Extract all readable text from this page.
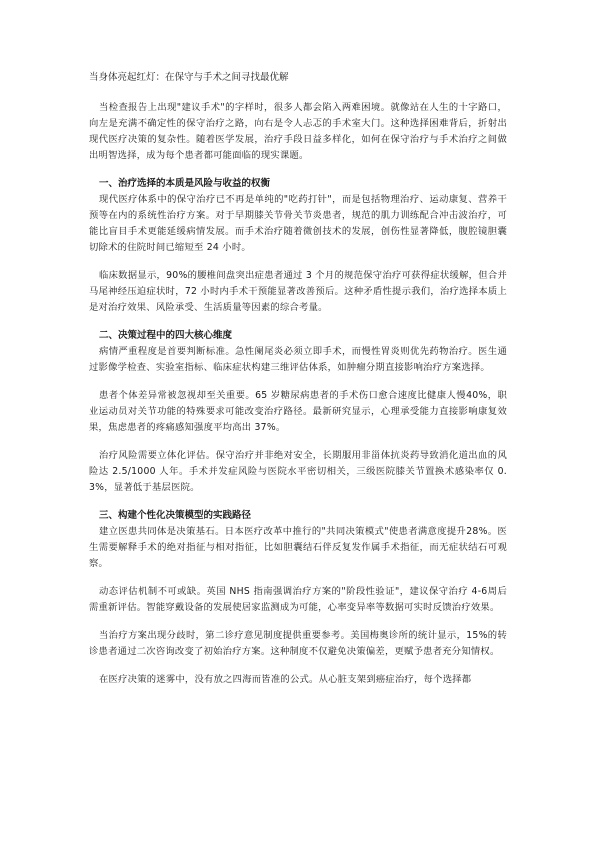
当身体亮起红灯：在保守与手术之间寻找最优解

当检查报告上出现"建议手术"的字样时，很多人都会陷入两难困境。就像站在人生的十字路口，向左是充满不确定性的保守治疗之路，向右是令人忐忑的手术室大门。这种选择困难背后，折射出现代医疗决策的复杂性。随着医学发展，治疗手段日益多样化，如何在保守治疗与手术治疗之间做出明智选择，成为每个患者都可能面临的现实课题。

一、治疗选择的本质是风险与收益的权衡

现代医疗体系中的保守治疗已不再是单纯的"吃药打针"，而是包括物理治疗、运动康复、营养干预等在内的系统性治疗方案。对于早期膝关节骨关节炎患者，规范的肌力训练配合冲击波治疗，可能比盲目手术更能延缓病情发展。而手术治疗随着微创技术的发展，创伤性显著降低，腹腔镜胆囊切除术的住院时间已缩短至 24 小时。

临床数据显示，90%的腰椎间盘突出症患者通过 3 个月的规范保守治疗可获得症状缓解，但合并马尾神经压迫症状时，72 小时内手术干预能显著改善预后。这种矛盾性提示我们，治疗选择本质上是对治疗效果、风险承受、生活质量等因素的综合考量。

二、决策过程中的四大核心维度

病情严重程度是首要判断标准。急性阑尾炎必须立即手术，而慢性胃炎则优先药物治疗。医生通过影像学检查、实验室指标、临床症状构建三维评估体系，如肿瘤分期直接影响治疗方案选择。

患者个体差异常被忽视却至关重要。65 岁糖尿病患者的手术伤口愈合速度比健康人慢40%，职业运动员对关节功能的特殊要求可能改变治疗路径。最新研究显示，心理承受能力直接影响康复效果，焦虑患者的疼痛感知强度平均高出 37%。

治疗风险需要立体化评估。保守治疗并非绝对安全，长期服用非甾体抗炎药导致消化道出血的风险达 2.5/1000 人年。手术并发症风险与医院水平密切相关，三级医院膝关节置换术感染率仅 0.3%，显著低于基层医院。

三、构建个性化决策模型的实践路径

建立医患共同体是决策基石。日本医疗改革中推行的"共同决策模式"使患者满意度提升28%。医生需要解释手术的绝对指征与相对指征，比如胆囊结石伴反复发作属手术指征，而无症状结石可观察。

动态评估机制不可或缺。英国 NHS 指南强调治疗方案的"阶段性验证"，建议保守治疗 4-6周后需重新评估。智能穿戴设备的发展使居家监测成为可能，心率变异率等数据可实时反馈治疗效果。

当治疗方案出现分歧时，第二诊疗意见制度提供重要参考。美国梅奥诊所的统计显示，15%的转诊患者通过二次咨询改变了初始治疗方案。这种制度不仅避免决策偏差，更赋予患者充分知情权。

在医疗决策的迷雾中，没有放之四海而皆准的公式。从心脏支架到癌症治疗，每个选择都
